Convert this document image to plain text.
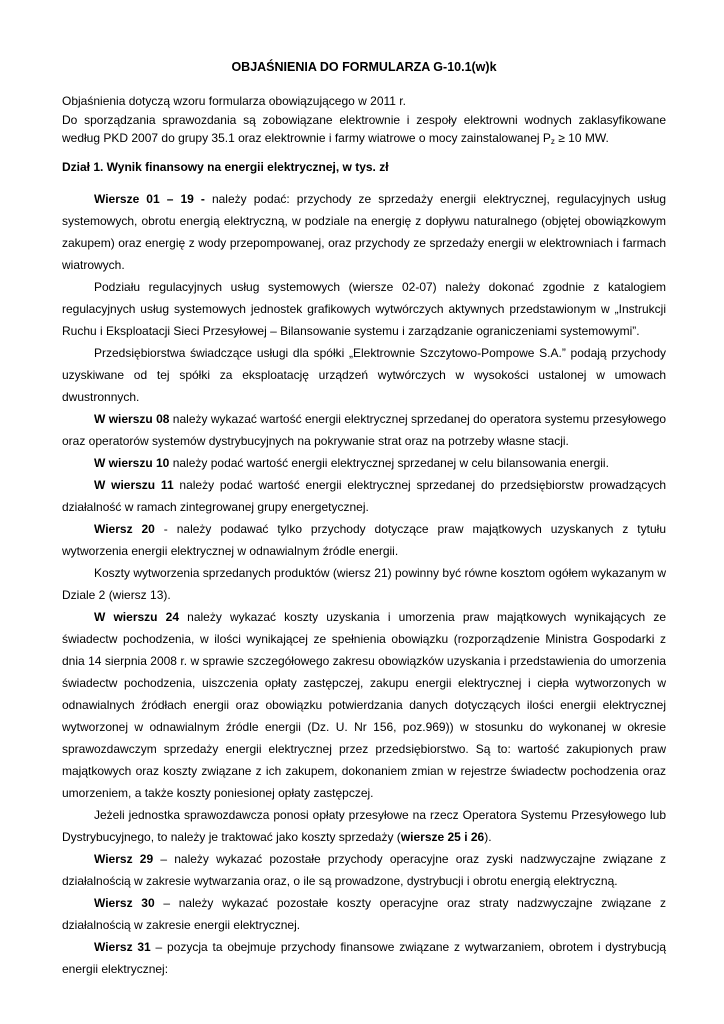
OBJAŚNIENIA DO FORMULARZA G-10.1(w)k

Objaśnienia dotyczą wzoru formularza obowiązującego w 2011 r.

Do sporządzania sprawozdania są zobowiązane elektrownie i zespoły elektrowni wodnych zaklasyfikowane według PKD 2007 do grupy 35.1 oraz elektrownie i farmy wiatrowe o mocy zainstalowanej $P_z \ge 10$ MW.

Dział 1. Wynik finansowy na energii elektrycznej, w tys. zł

Wiersze 01 – 19 - należy podać: przychody ze sprzedaży energii elektrycznej, regulacyjnych usług systemowych, obrotu energią elektryczną, w podziale na energię z dopływu naturalnego (objętej obowiązkowym zakupem) oraz energię z wody przepompowanej, oraz przychody ze sprzedaży energii w elektrowniach i farmach wiatrowych.

Podziału regulacyjnych usług systemowych (wiersze 02-07) należy dokonać zgodnie z katalogiem regulacyjnych usług systemowych jednostek grafikowych wytwórczych aktywnych przedstawionym w „Instrukcji Ruchu i Eksploatacji Sieci Przesyłowej – Bilansowanie systemu i zarządzanie ograniczeniami systemowymi”.

Przedsiębiorstwa świadczące usługi dla spółki „Elektrownie Szczytowo-Pompowe S.A.” podają przychody uzyskiwane od tej spółki za eksploatację urządzeń wytwórczych w wysokości ustalonej w umowach dwustronnych.

W wierszu 08 należy wykazać wartość energii elektrycznej sprzedanej do operatora systemu przesyłowego oraz operatorów systemów dystrybucyjnych na pokrywanie strat oraz na potrzeby własne stacji.

W wierszu 10 należy podać wartość energii elektrycznej sprzedanej w celu bilansowania energii.

W wierszu 11 należy podać wartość energii elektrycznej sprzedanej do przedsiębiorstw prowadzących działalność w ramach zintegrowanej grupy energetycznej.

Wiersz 20 - należy podawać tylko przychody dotyczące praw majątkowych uzyskanych z tytułu wytworzenia energii elektrycznej w odnawialnym źródle energii.

Koszty wytworzenia sprzedanych produktów (wiersz 21) powinny być równe kosztom ogółem wykazanym w Dziale 2 (wiersz 13).

W wierszu 24 należy wykazać koszty uzyskania i umorzenia praw majątkowych wynikających ze świadectw pochodzenia, w ilości wynikającej ze spełnienia obowiązku (rozporządzenie Ministra Gospodarki z dnia 14 sierpnia 2008 r. w sprawie szczegółowego zakresu obowiązków uzyskania i przedstawienia do umorzenia świadectw pochodzenia, uiszczenia opłaty zastępczej, zakupu energii elektrycznej i ciepła wytworzonych w odnawialnych źródłach energii oraz obowiązku potwierdzania danych dotyczących ilości energii elektrycznej wytworzonej w odnawialnym źródle energii (Dz. U. Nr 156, poz.969)) w stosunku do wykonanej w okresie sprawozdawczym sprzedaży energii elektrycznej przez przedsiębiorstwo. Są to: wartość zakupionych praw majątkowych oraz koszty związane z ich zakupem, dokonaniem zmian w rejestrze świadectw pochodzenia oraz umorzeniem, a także koszty poniesionej opłaty zastępczej.

Jeżeli jednostka sprawozdawcza ponosi opłaty przesyłowe na rzecz Operatora Systemu Przesyłowego lub Dystrybucyjnego, to należy je traktować jako koszty sprzedaży (wiersze 25 i 26).

Wiersz 29 – należy wykazać pozostałe przychody operacyjne oraz zyski nadzwyczajne związane z działalnością w zakresie wytwarzania oraz, o ile są prowadzone, dystrybucji i obrotu energią elektryczną.

Wiersz 30 – należy wykazać pozostałe koszty operacyjne oraz straty nadzwyczajne związane z działalnością w zakresie energii elektrycznej.

Wiersz 31 – pozycja ta obejmuje przychody finansowe związane z wytwarzaniem, obrotem i dystrybucją energii elektrycznej:
